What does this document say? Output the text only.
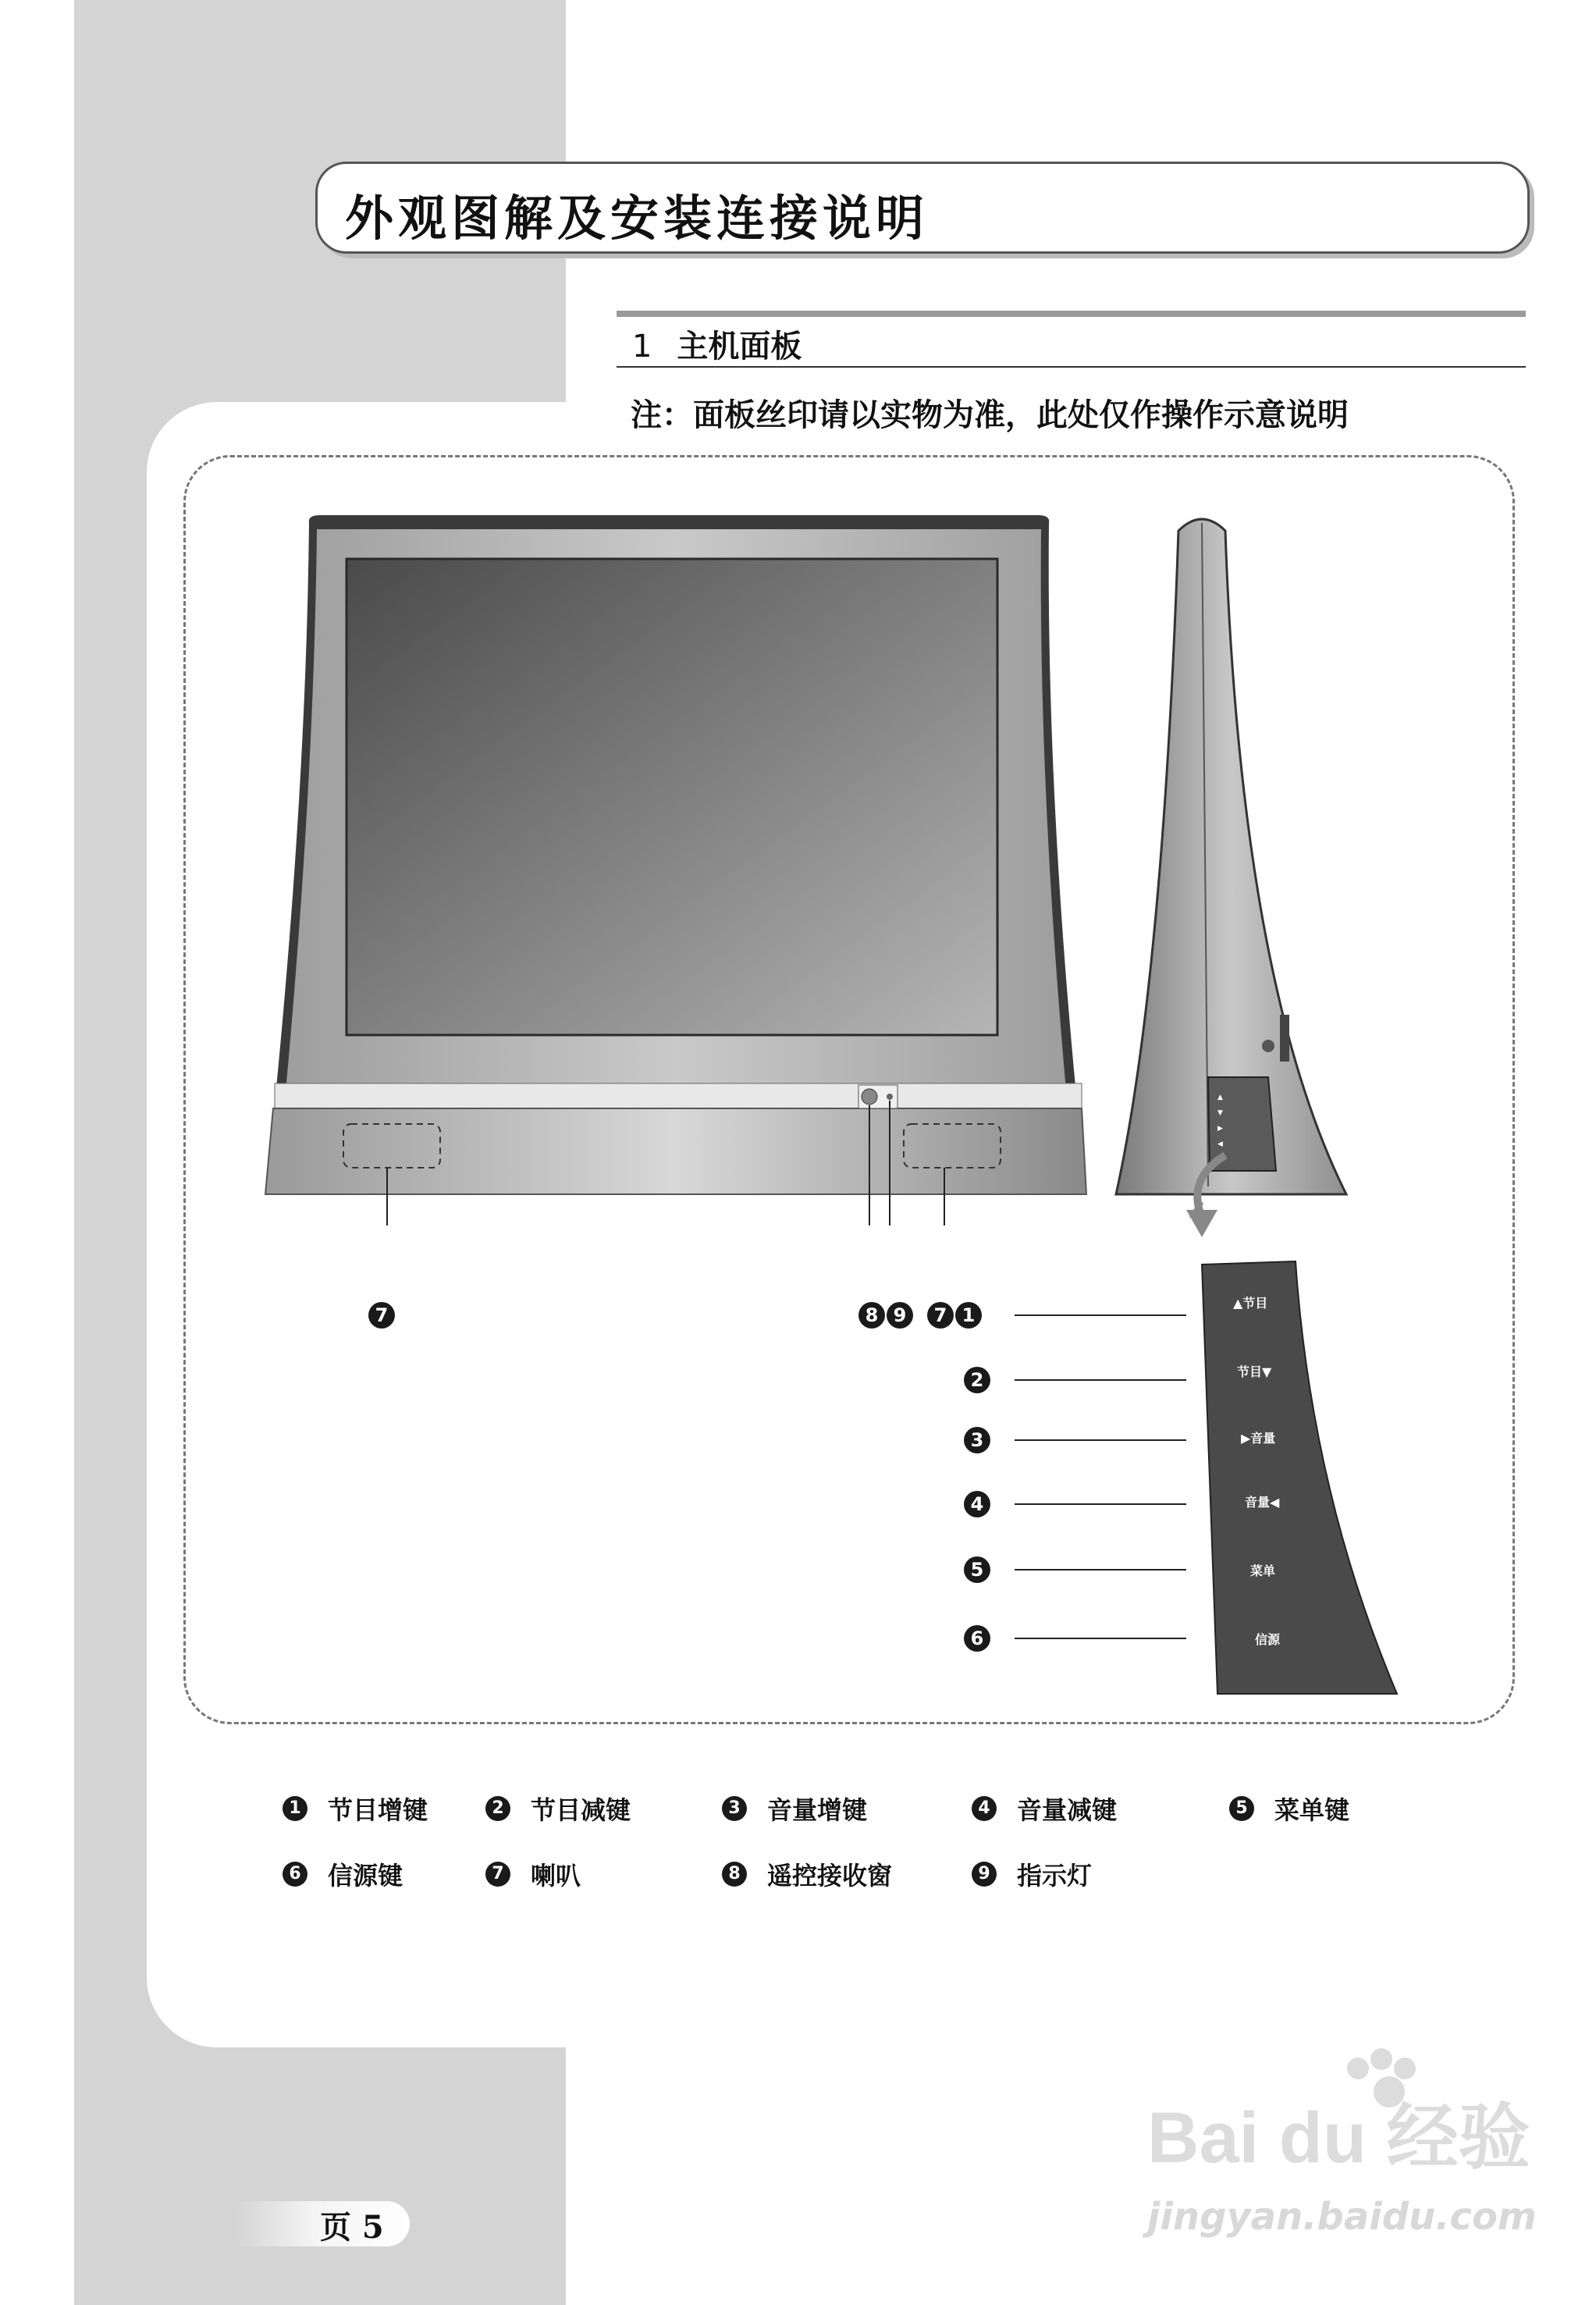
外观图解及安装连接说明
1 主机面板
注：面板丝印请以实物为准，此处仅作操作示意说明
▲
▼
▶
◀
▲节目
节目▼
▶音量
音量◀
菜单
信源
7	8 9	7 1
2
3
4
5
6
1 节目增键	2 节目减键	3 音量增键	4 音量减键	5 菜单键
6 信源键	7 喇叭	8 遥控接收窗	9 指示灯
页 5
Bai du 经验
jingyan.baidu.com
